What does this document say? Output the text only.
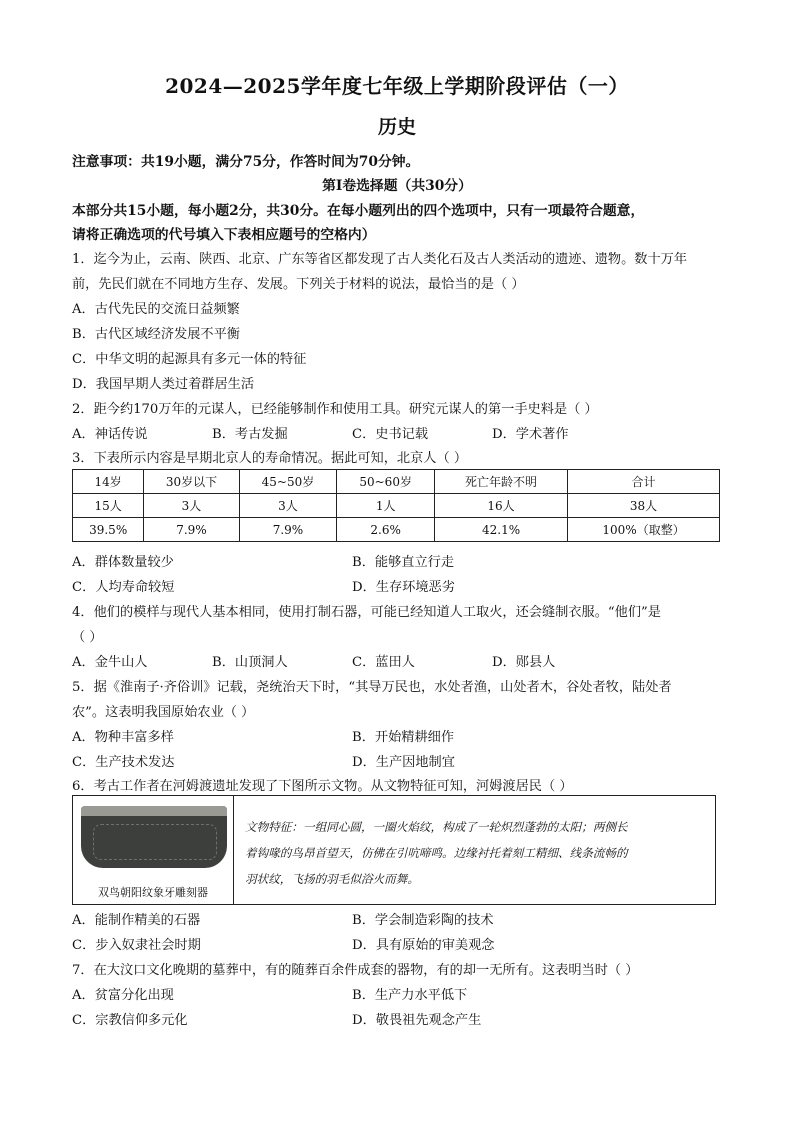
2024—2025学年度七年级上学期阶段评估（一）
历史
注意事项：共19小题，满分75分，作答时间为70分钟。
第Ⅰ卷选择题（共30分）
本部分共15小题，每小题2分，共30分。在每小题列出的四个选项中，只有一项最符合题意，
请将正确选项的代号填入下表相应题号的空格内）
1．迄今为止，云南、陕西、北京、广东等省区都发现了古人类化石及古人类活动的遗迹、遗物。数十万年
前，先民们就在不同地方生存、发展。下列关于材料的说法，最恰当的是（ ）
A．古代先民的交流日益频繁
B．古代区域经济发展不平衡
C．中华文明的起源具有多元一体的特征
D．我国早期人类过着群居生活
2．距今约170万年的元谋人，已经能够制作和使用工具。研究元谋人的第一手史料是（ ）
A．神话传说	B．考古发掘	C．史书记载	D．学术著作
3．下表所示内容是早期北京人的寿命情况。据此可知，北京人（ ）
14岁	30岁以下	45~50岁	50~60岁	死亡年龄不明	合计
15人	3人	3人	1人	16人	38人
39.5%	7.9%	7.9%	2.6%	42.1%	100%（取整）
A．群体数量较少	B．能够直立行走
C．人均寿命较短	D．生存环境恶劣
4．他们的模样与现代人基本相同，使用打制石器，可能已经知道人工取火，还会缝制衣服。“他们”是
（ ）
A．金牛山人	B．山顶洞人	C．蓝田人	D．郧县人
5．据《淮南子·齐俗训》记载，尧统治天下时，“其导万民也，水处者渔，山处者木，谷处者牧，陆处者
农”。这表明我国原始农业（ ）
A．物种丰富多样	B．开始精耕细作
C．生产技术发达	D．生产因地制宜
6．考古工作者在河姆渡遗址发现了下图所示文物。从文物特征可知，河姆渡居民（ ）
双鸟朝阳纹象牙雕刻器
文物特征：一组同心圆，一圈火焰纹，构成了一轮炽烈蓬勃的太阳；两侧长
着钩喙的鸟昂首望天，仿佛在引吭啼鸣。边缘衬托着刻工精细、线条流畅的
羽状纹，飞扬的羽毛似浴火而舞。
A．能制作精美的石器	B．学会制造彩陶的技术
C．步入奴隶社会时期	D．具有原始的审美观念
7．在大汶口文化晚期的墓葬中，有的随葬百余件成套的器物，有的却一无所有。这表明当时（ ）
A．贫富分化出现	B．生产力水平低下
C．宗教信仰多元化	D．敬畏祖先观念产生
